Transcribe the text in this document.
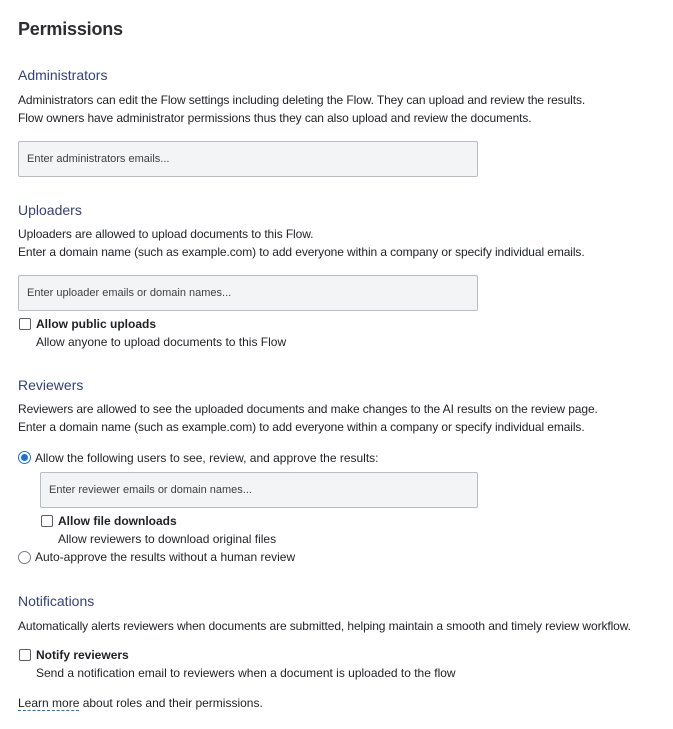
Permissions
Administrators
Administrators can edit the Flow settings including deleting the Flow. They can upload and review the results.
Flow owners have administrator permissions thus they can also upload and review the documents.
Enter administrators emails...
Uploaders
Uploaders are allowed to upload documents to this Flow.
Enter a domain name (such as example.com) to add everyone within a company or specify individual emails.
Enter uploader emails or domain names...
Allow public uploads
Allow anyone to upload documents to this Flow
Reviewers
Reviewers are allowed to see the uploaded documents and make changes to the AI results on the review page.
Enter a domain name (such as example.com) to add everyone within a company or specify individual emails.
Allow the following users to see, review, and approve the results:
Enter reviewer emails or domain names...
Allow file downloads
Allow reviewers to download original files
Auto-approve the results without a human review
Notifications
Automatically alerts reviewers when documents are submitted, helping maintain a smooth and timely review workflow.
Notify reviewers
Send a notification email to reviewers when a document is uploaded to the flow
Learn more about roles and their permissions.
